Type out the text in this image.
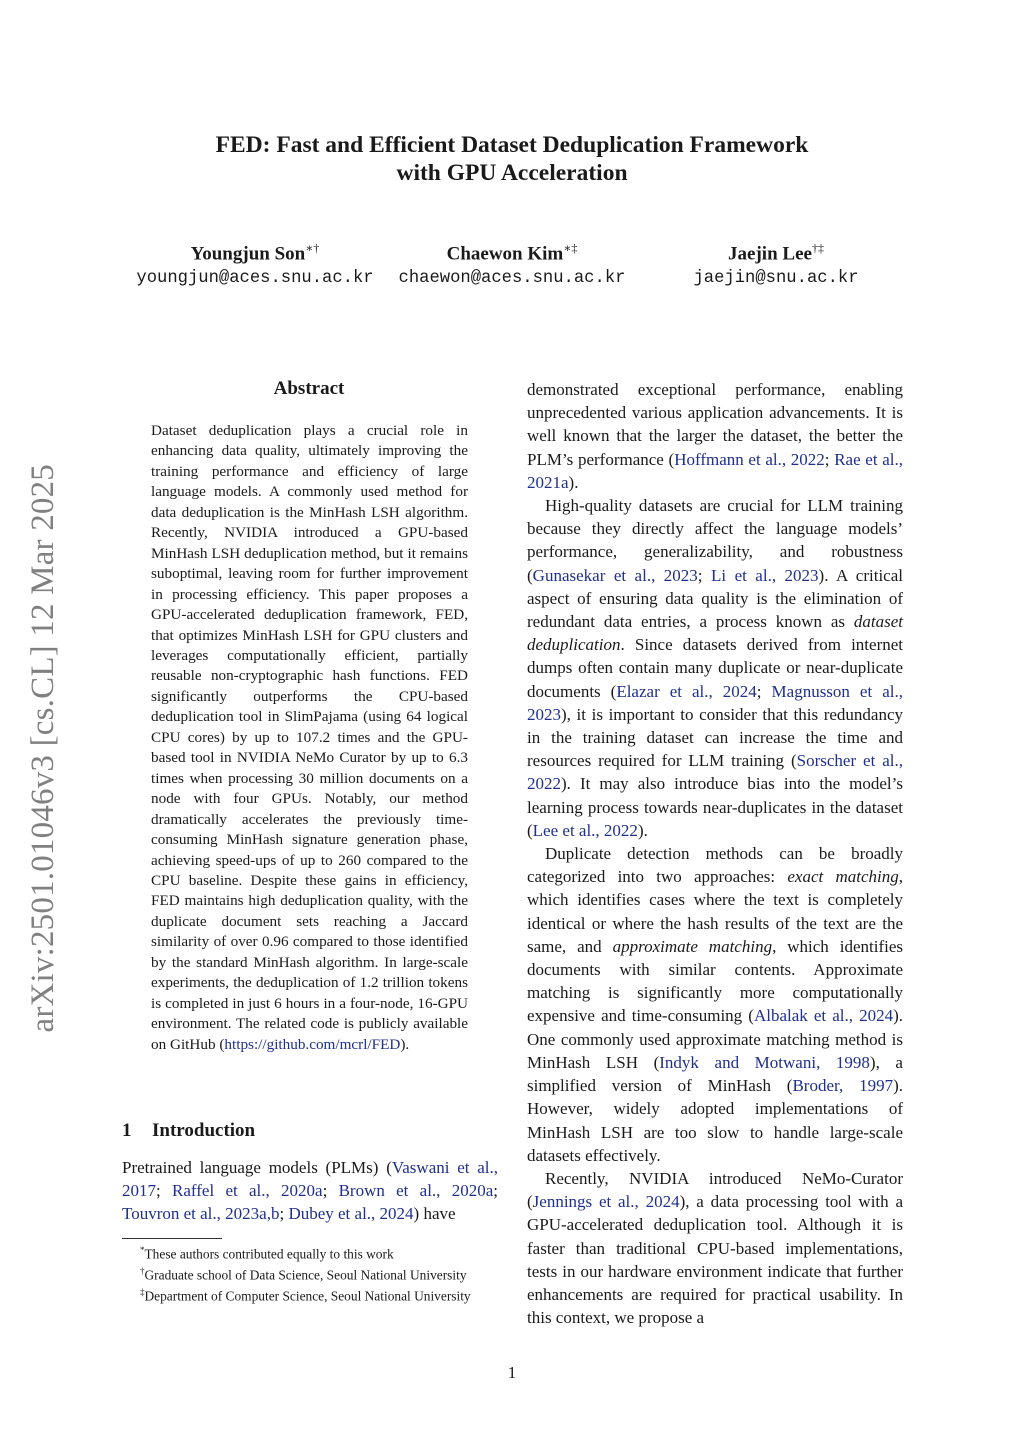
arXiv:2501.01046v3 [cs.CL] 12 Mar 2025
FED: Fast and Efficient Dataset Deduplication Framework
with GPU Acceleration
Youngjun Son∗†
youngjun@aces.snu.ac.kr
Chaewon Kim∗‡
chaewon@aces.snu.ac.kr
Jaejin Lee†‡
jaejin@snu.ac.kr
Abstract
Dataset deduplication plays a crucial role in enhancing data quality, ultimately improving the training performance and efficiency of large language models. A commonly used method for data deduplication is the MinHash LSH algorithm. Recently, NVIDIA introduced a GPU-based MinHash LSH deduplication method, but it remains suboptimal, leaving room for further improvement in processing efficiency. This paper proposes a GPU-accelerated deduplication framework, FED, that optimizes MinHash LSH for GPU clusters and leverages computationally efficient, partially reusable non-cryptographic hash functions. FED significantly outperforms the CPU-based deduplication tool in SlimPajama (using 64 logical CPU cores) by up to 107.2 times and the GPU-based tool in NVIDIA NeMo Curator by up to 6.3 times when processing 30 million documents on a node with four GPUs. Notably, our method dramatically accelerates the previously time-consuming MinHash signature generation phase, achieving speed-ups of up to 260 compared to the CPU baseline. Despite these gains in efficiency, FED maintains high deduplication quality, with the duplicate document sets reaching a Jaccard similarity of over 0.96 compared to those identified by the standard MinHash algorithm. In large-scale experiments, the deduplication of 1.2 trillion tokens is completed in just 6 hours in a four-node, 16-GPU environment. The related code is publicly available on GitHub (https://github.com/mcrl/FED).
1 Introduction
Pretrained language models (PLMs) (Vaswani et al., 2017; Raffel et al., 2020a; Brown et al., 2020a; Touvron et al., 2023a,b; Dubey et al., 2024) have

*These authors contributed equally to this work

†Graduate school of Data Science, Seoul National University

‡Department of Computer Science, Seoul National University

demonstrated exceptional performance, enabling unprecedented various application advancements. It is well known that the larger the dataset, the better the PLM’s performance (Hoffmann et al., 2022; Rae et al., 2021a).

High-quality datasets are crucial for LLM training because they directly affect the language models’ performance, generalizability, and robustness (Gunasekar et al., 2023; Li et al., 2023). A critical aspect of ensuring data quality is the elimination of redundant data entries, a process known as dataset deduplication. Since datasets derived from internet dumps often contain many duplicate or near-duplicate documents (Elazar et al., 2024; Magnusson et al., 2023), it is important to consider that this redundancy in the training dataset can increase the time and resources required for LLM training (Sorscher et al., 2022). It may also introduce bias into the model’s learning process towards near-duplicates in the dataset (Lee et al., 2022).

Duplicate detection methods can be broadly categorized into two approaches: exact matching, which identifies cases where the text is completely identical or where the hash results of the text are the same, and approximate matching, which identifies documents with similar contents. Approximate matching is significantly more computationally expensive and time-consuming (Albalak et al., 2024). One commonly used approximate matching method is MinHash LSH (Indyk and Motwani, 1998), a simplified version of MinHash (Broder, 1997). However, widely adopted implementations of MinHash LSH are too slow to handle large-scale datasets effectively.

Recently, NVIDIA introduced NeMo-Curator (Jennings et al., 2024), a data processing tool with a GPU-accelerated deduplication tool. Although it is faster than traditional CPU-based implementations, tests in our hardware environment indicate that further enhancements are required for practical usability. In this context, we propose a

1
